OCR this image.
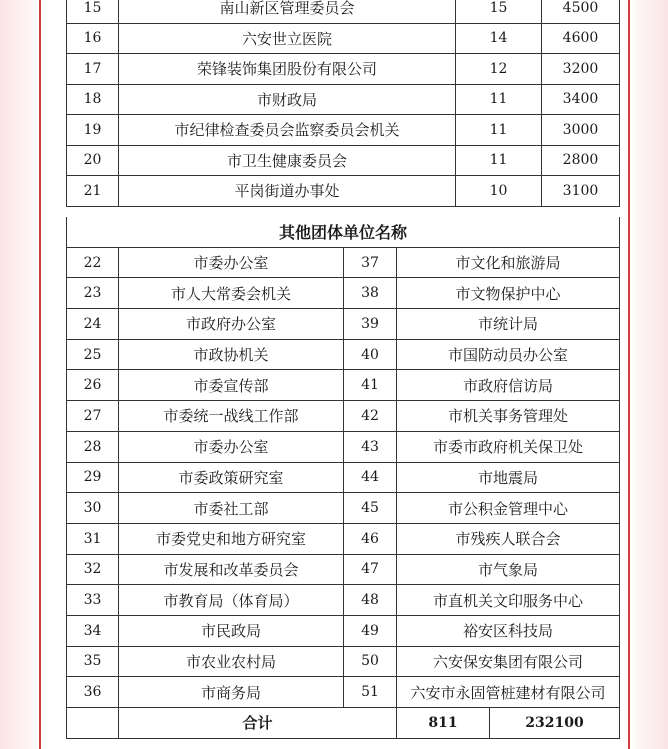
15	南山新区管理委员会	15	4500
16	六安世立医院	14	4600
17	荣锋装饰集团股份有限公司	12	3200
18	市财政局	11	3400
19	市纪律检查委员会监察委员会机关	11	3000
20	市卫生健康委员会	11	2800
21	平岗街道办事处	10	3100
其他团体单位名称			
22	市委办公室	37	市文化和旅游局
23	市人大常委会机关	38	市文物保护中心
24	市政府办公室	39	市统计局
25	市政协机关	40	市国防动员办公室
26	市委宣传部	41	市政府信访局
27	市委统一战线工作部	42	市机关事务管理处
28	市委办公室	43	市委市政府机关保卫处
29	市委政策研究室	44	市地震局
30	市委社工部	45	市公积金管理中心
31	市委党史和地方研究室	46	市残疾人联合会
32	市发展和改革委员会	47	市气象局
33	市教育局（体育局）	48	市直机关文印服务中心
34	市民政局	49	裕安区科技局
35	市农业农村局	50	六安保安集团有限公司
36	市商务局	51	六安市永固管桩建材有限公司
	合计		811 232100
